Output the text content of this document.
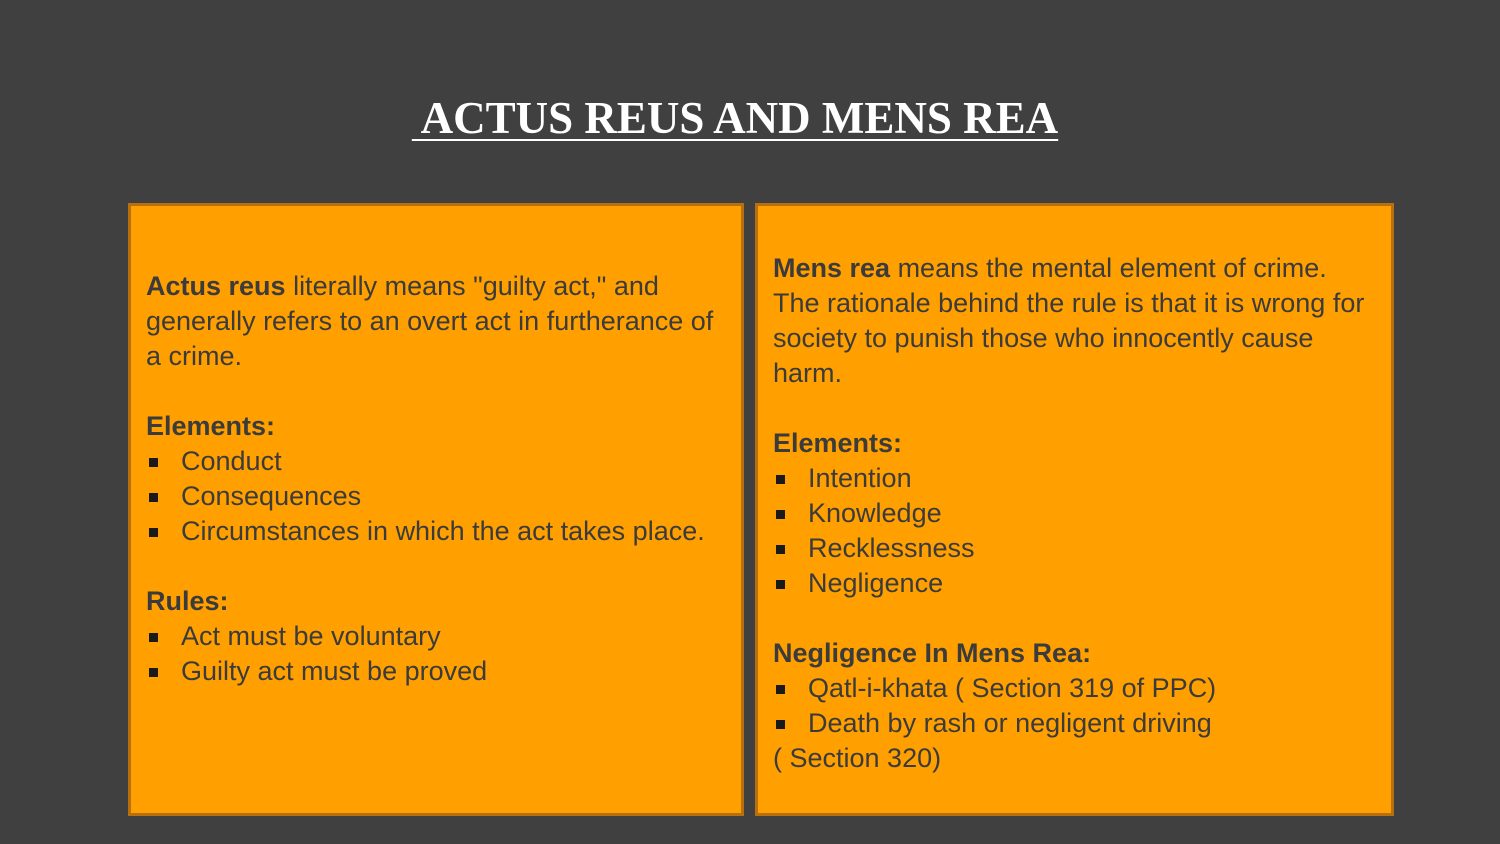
ACTUS REUS AND MENS REA

Actus reus literally means "guilty act," and generally refers to an overt act in furtherance of a crime.

Elements:

Conduct
Consequences
Circumstances in which the act takes place.

Rules:

Act must be voluntary
Guilty act must be proved

Mens rea means the mental element of crime. The rationale behind the rule is that it is wrong for society to punish those who innocently cause harm.

Elements:

Intention
Knowledge
Recklessness
Negligence

Negligence In Mens Rea:

Qatl-i-khata ( Section 319 of PPC)
Death by rash or negligent driving

( Section 320)
